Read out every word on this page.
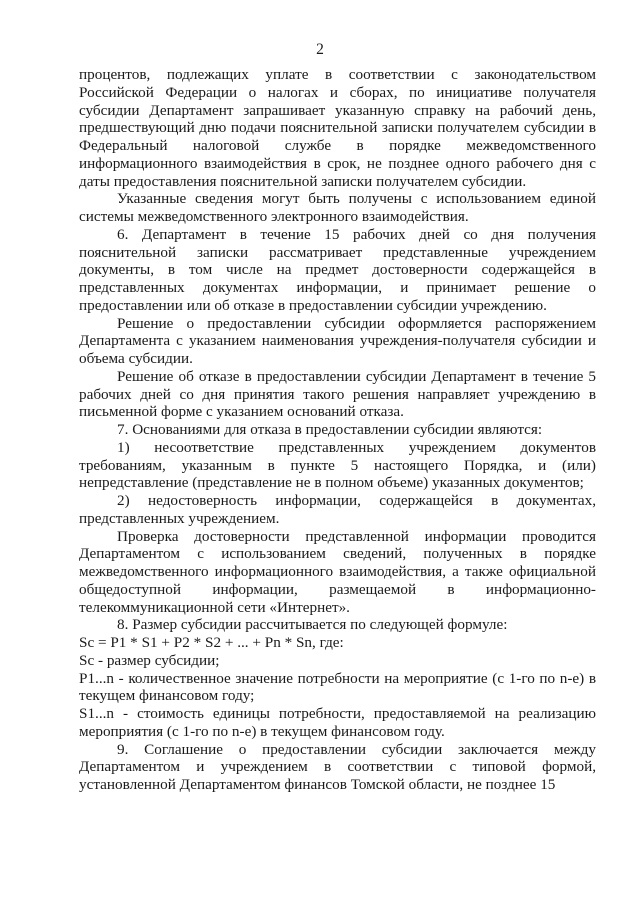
2

процентов, подлежащих уплате в соответствии с законодательством Российской Федерации о налогах и сборах, по инициативе получателя субсидии Департамент запрашивает указанную справку на рабочий день, предшествующий дню подачи пояснительной записки получателем субсидии в Федеральный налоговой службе в порядке межведомственного информационного взаимодействия в срок, не позднее одного рабочего дня с даты предоставления пояснительной записки получателем субсидии.

Указанные сведения могут быть получены с использованием единой системы межведомственного электронного взаимодействия.

6. Департамент в течение 15 рабочих дней со дня получения пояснительной записки рассматривает представленные учреждением документы, в том числе на предмет достоверности содержащейся в представленных документах информации, и принимает решение о предоставлении или об отказе в предоставлении субсидии учреждению.

Решение о предоставлении субсидии оформляется распоряжением Департамента с указанием наименования учреждения-получателя субсидии и объема субсидии.

Решение об отказе в предоставлении субсидии Департамент в течение 5 рабочих дней со дня принятия такого решения направляет учреждению в письменной форме с указанием оснований отказа.

7. Основаниями для отказа в предоставлении субсидии являются:

1) несоответствие представленных учреждением документов требованиям, указанным в пункте 5 настоящего Порядка, и (или) непредставление (представление не в полном объеме) указанных документов;

2) недостоверность информации, содержащейся в документах, представленных учреждением.

Проверка достоверности представленной информации проводится Департаментом с использованием сведений, полученных в порядке межведомственного информационного взаимодействия, а также официальной общедоступной информации, размещаемой в информационно-телекоммуникационной сети «Интернет».

8. Размер субсидии рассчитывается по следующей формуле:

Sc = P1 * S1 + P2 * S2 + ... + Pn * Sn, где:

Sc - размер субсидии;

P1...n - количественное значение потребности на мероприятие (с 1-го по n-е) в текущем финансовом году;

S1...n - стоимость единицы потребности, предоставляемой на реализацию мероприятия (с 1-го по n-е) в текущем финансовом году.

9. Соглашение о предоставлении субсидии заключается между Департаментом и учреждением в соответствии с типовой формой, установленной Департаментом финансов Томской области, не позднее 15
